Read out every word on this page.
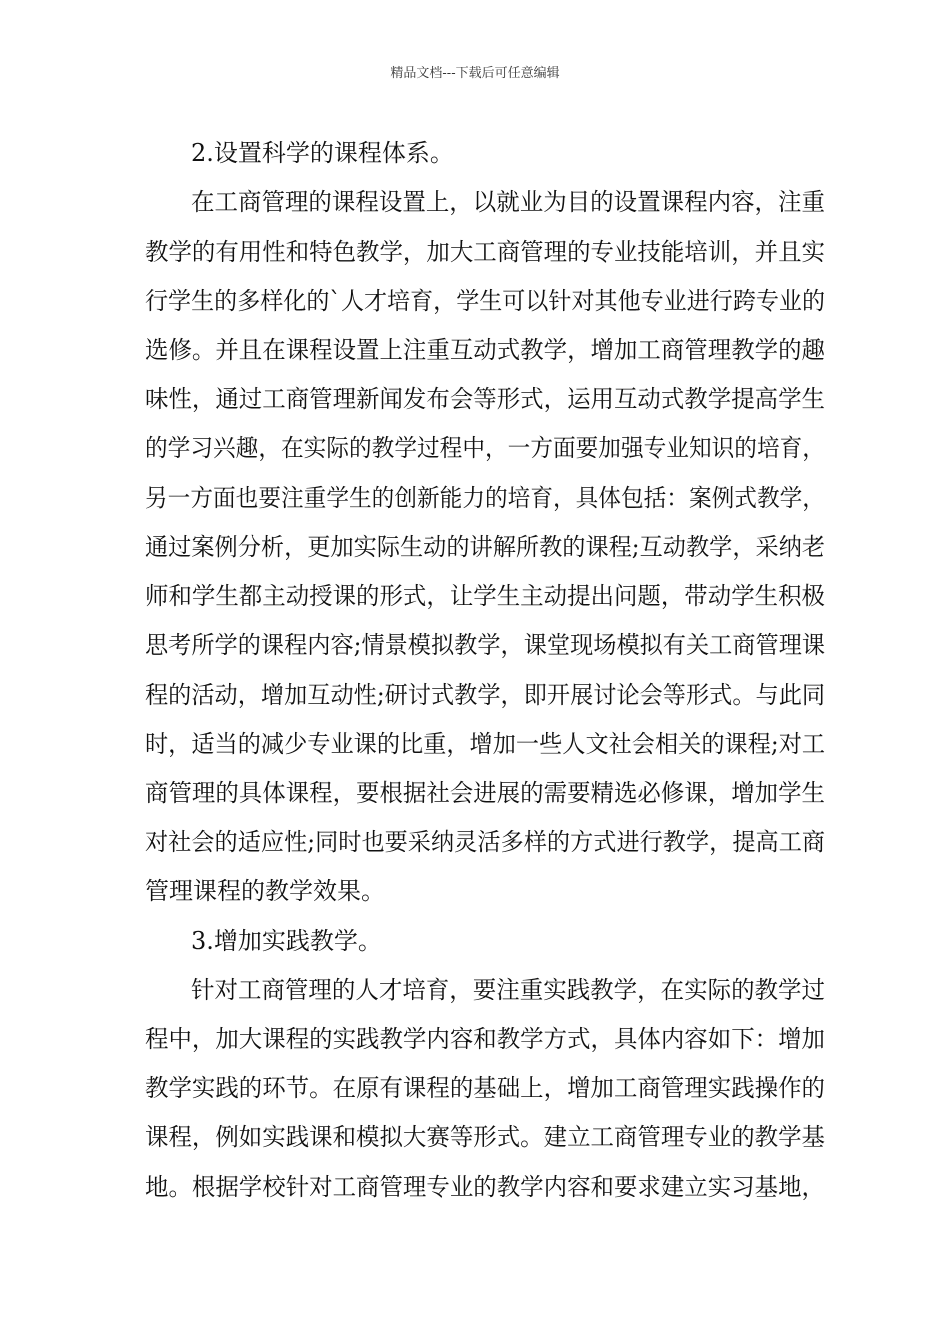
精品文档---下载后可任意编辑
2.设置科学的课程体系。
在工商管理的课程设置上，以就业为目的设置课程内容，注重
教学的有用性和特色教学，加大工商管理的专业技能培训，并且实
行学生的多样化的`人才培育，学生可以针对其他专业进行跨专业的
选修。并且在课程设置上注重互动式教学，增加工商管理教学的趣
味性，通过工商管理新闻发布会等形式，运用互动式教学提高学生
的学习兴趣，在实际的教学过程中，一方面要加强专业知识的培育，
另一方面也要注重学生的创新能力的培育，具体包括：案例式教学，
通过案例分析，更加实际生动的讲解所教的课程;互动教学，采纳老
师和学生都主动授课的形式，让学生主动提出问题，带动学生积极
思考所学的课程内容;情景模拟教学，课堂现场模拟有关工商管理课
程的活动，增加互动性;研讨式教学，即开展讨论会等形式。与此同
时，适当的减少专业课的比重，增加一些人文社会相关的课程;对工
商管理的具体课程，要根据社会进展的需要精选必修课，增加学生
对社会的适应性;同时也要采纳灵活多样的方式进行教学，提高工商
管理课程的教学效果。
3.增加实践教学。
针对工商管理的人才培育，要注重实践教学，在实际的教学过
程中，加大课程的实践教学内容和教学方式，具体内容如下：增加
教学实践的环节。在原有课程的基础上，增加工商管理实践操作的
课程，例如实践课和模拟大赛等形式。建立工商管理专业的教学基
地。根据学校针对工商管理专业的教学内容和要求建立实习基地，
